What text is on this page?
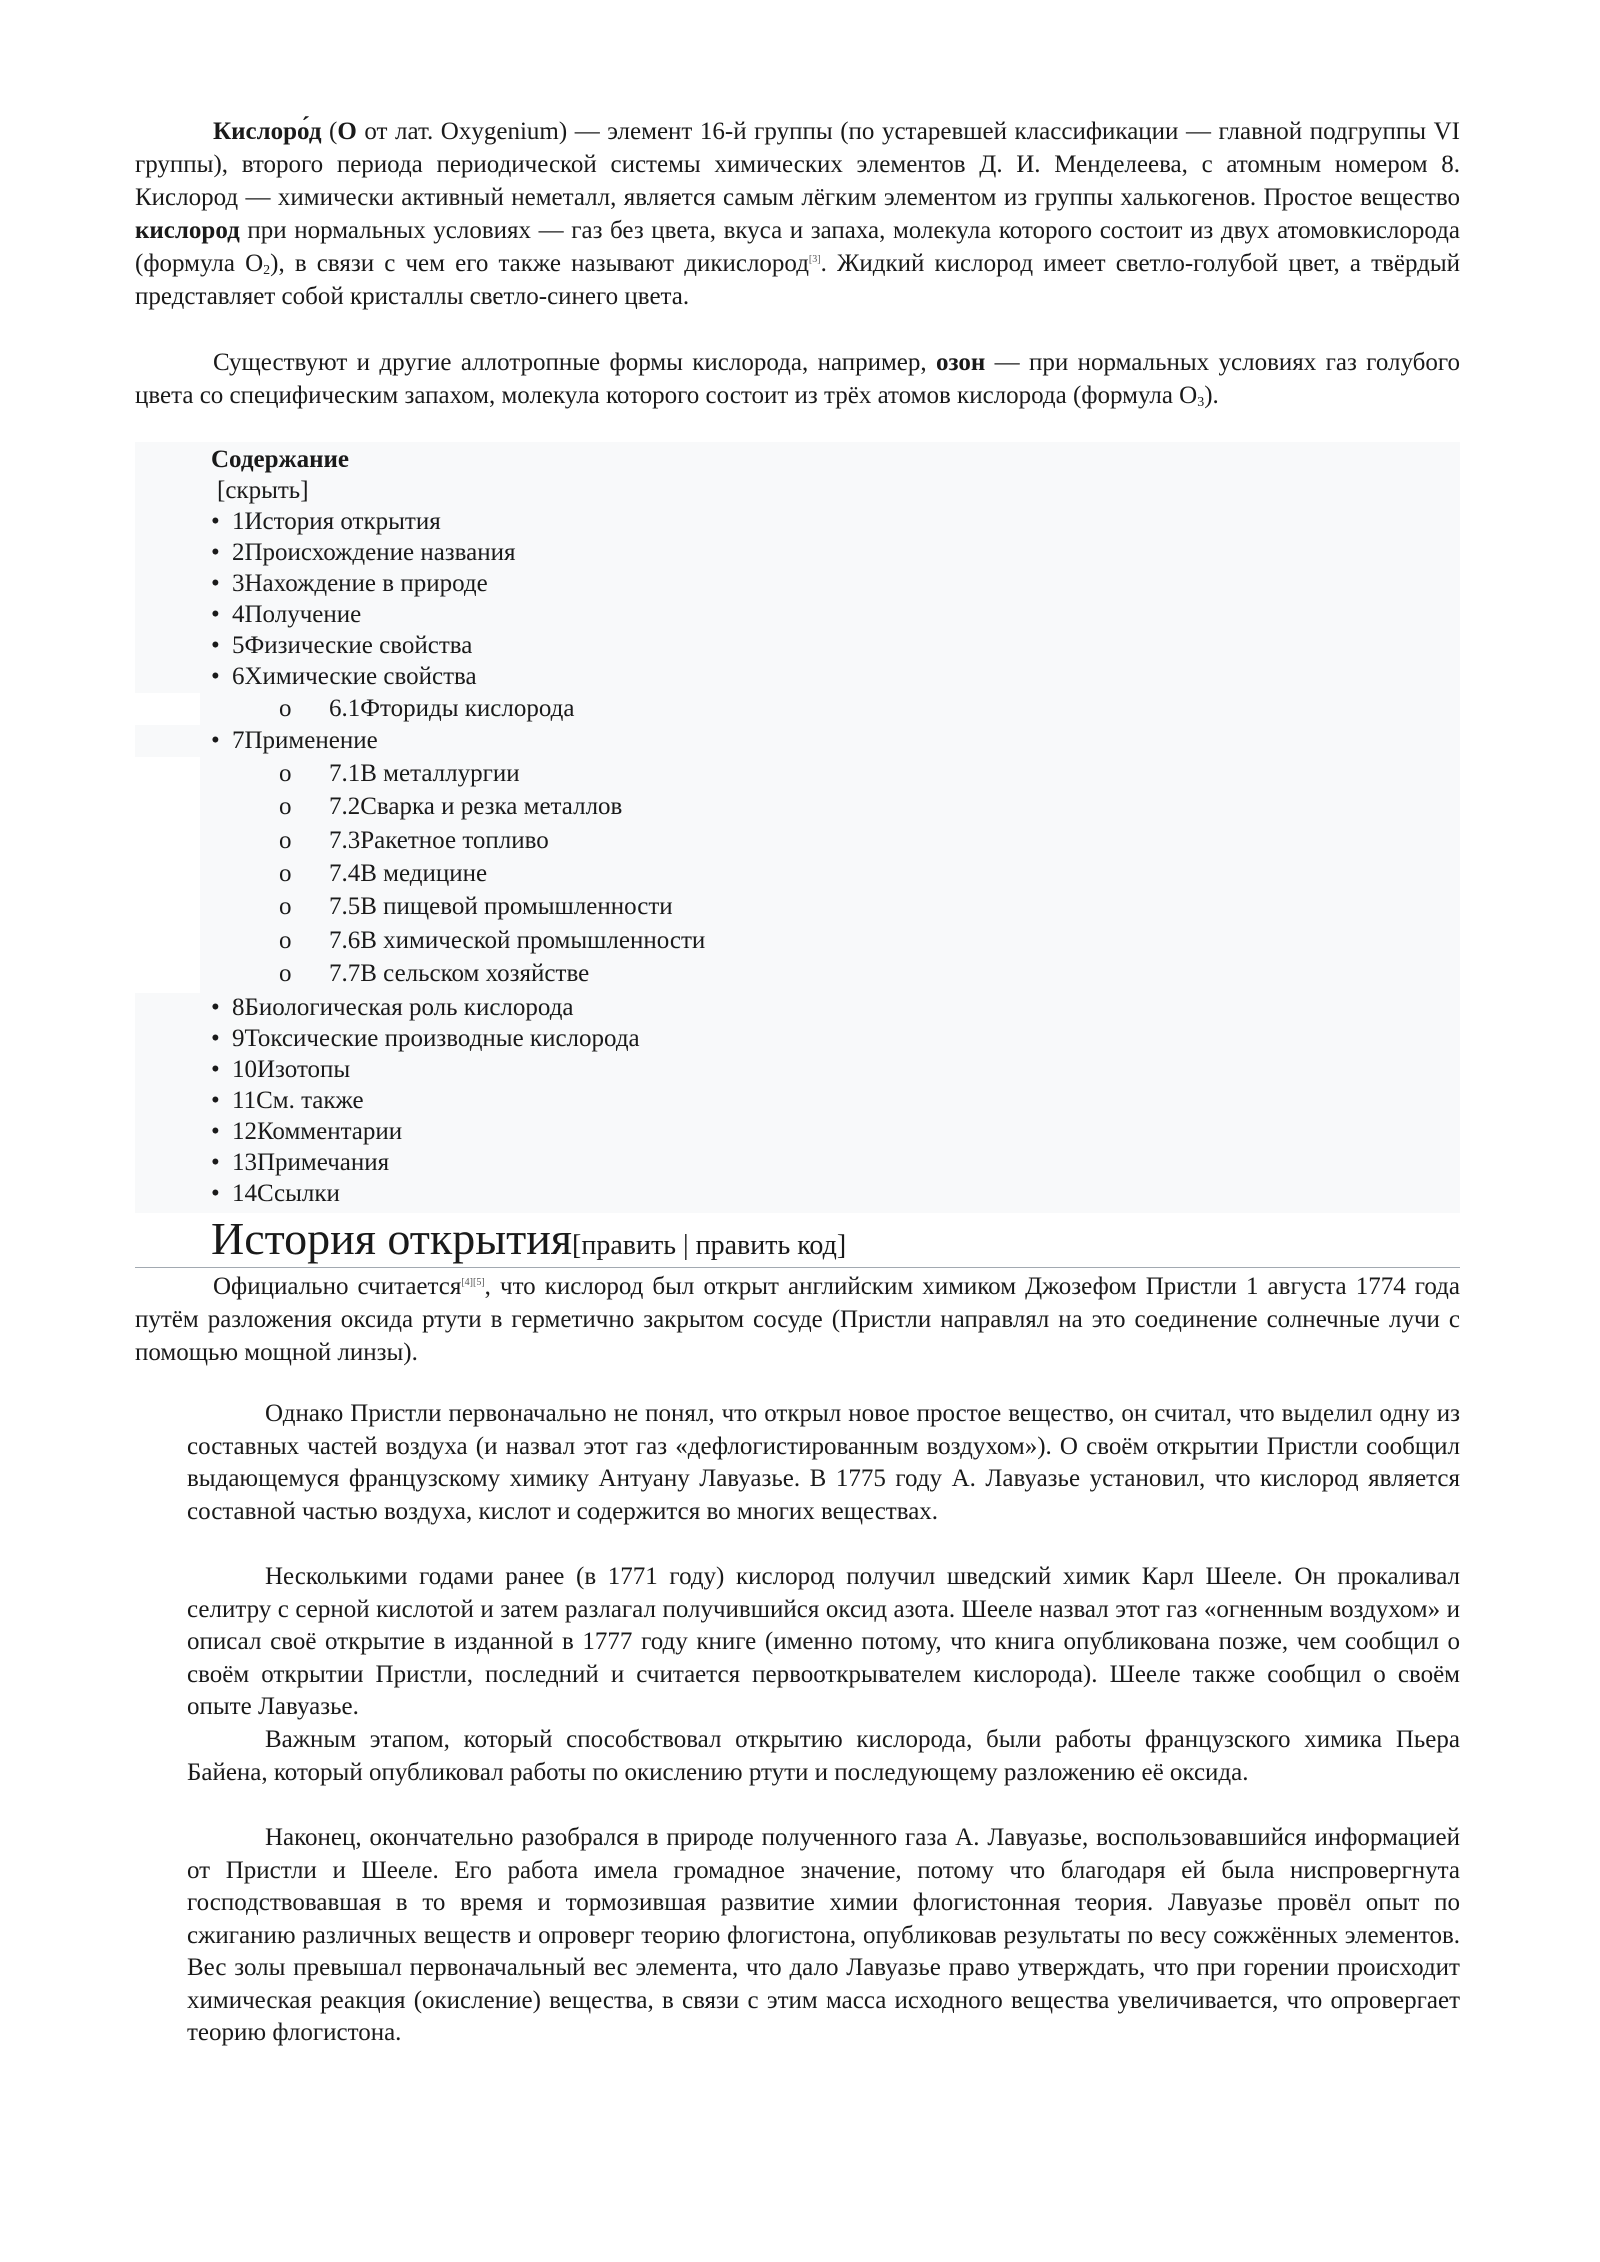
Кислоро́д (O от лат. Oxygenium) — элемент 16-й группы (по устаревшей классификации — главной подгруппы VI группы), второго периода периодической системы химических элементов Д. И. Менделеева, с атомным номером 8. Кислород — химически активный неметалл, является самым лёгким элементом из группы халькогенов. Простое вещество кислород при нормальных условиях — газ без цвета, вкуса и запаха, молекула которого состоит из двух атомовкислорода (формула $O_2$), в связи с чем его также называют дикислород[3]. Жидкий кислород имеет светло-голубой цвет, а твёрдый представляет собой кристаллы светло-синего цвета.

Существуют и другие аллотропные формы кислорода, например, озон — при нормальных условиях газ голубого цвета со специфическим запахом, молекула которого состоит из трёх атомов кислорода (формула $O_3$).

Содержание
[скрыть]
• 1История открытия
• 2Происхождение названия
• 3Нахождение в природе
• 4Получение
• 5Физические свойства
• 6Химические свойства
o 6.1Фториды кислорода
• 7Применение
o 7.1В металлургии
o 7.2Сварка и резка металлов
o 7.3Ракетное топливо
o 7.4В медицине
o 7.5В пищевой промышленности
o 7.6В химической промышленности
o 7.7В сельском хозяйстве
• 8Биологическая роль кислорода
• 9Токсические производные кислорода
• 10Изотопы
• 11См. также
• 12Комментарии
• 13Примечания
• 14Ссылки
История открытия[править | править код]

Официально считается[4][5], что кислород был открыт английским химиком Джозефом Пристли 1 августа 1774 года путём разложения оксида ртути в герметично закрытом сосуде (Пристли направлял на это соединение солнечные лучи с помощью мощной линзы).

Однако Пристли первоначально не понял, что открыл новое простое вещество, он считал, что выделил одну из составных частей воздуха (и назвал этот газ «дефлогистированным воздухом»). О своём открытии Пристли сообщил выдающемуся французскому химику Антуану Лавуазье. В 1775 году А. Лавуазье установил, что кислород является составной частью воздуха, кислот и содержится во многих веществах.

Несколькими годами ранее (в 1771 году) кислород получил шведский химик Карл Шееле. Он прокаливал селитру с серной кислотой и затем разлагал получившийся оксид азота. Шееле назвал этот газ «огненным воздухом» и описал своё открытие в изданной в 1777 году книге (именно потому, что книга опубликована позже, чем сообщил о своём открытии Пристли, последний и считается первооткрывателем кислорода). Шееле также сообщил о своём опыте Лавуазье.

Важным этапом, который способствовал открытию кислорода, были работы французского химика Пьера Байена, который опубликовал работы по окислению ртути и последующему разложению её оксида.

Наконец, окончательно разобрался в природе полученного газа А. Лавуазье, воспользовавшийся информацией от Пристли и Шееле. Его работа имела громадное значение, потому что благодаря ей была ниспровергнута господствовавшая в то время и тормозившая развитие химии флогистонная теория. Лавуазье провёл опыт по сжиганию различных веществ и опроверг теорию флогистона, опубликовав результаты по весу сожжённых элементов. Вес золы превышал первоначальный вес элемента, что дало Лавуазье право утверждать, что при горении происходит химическая реакция (окисление) вещества, в связи с этим масса исходного вещества увеличивается, что опровергает теорию флогистона.
